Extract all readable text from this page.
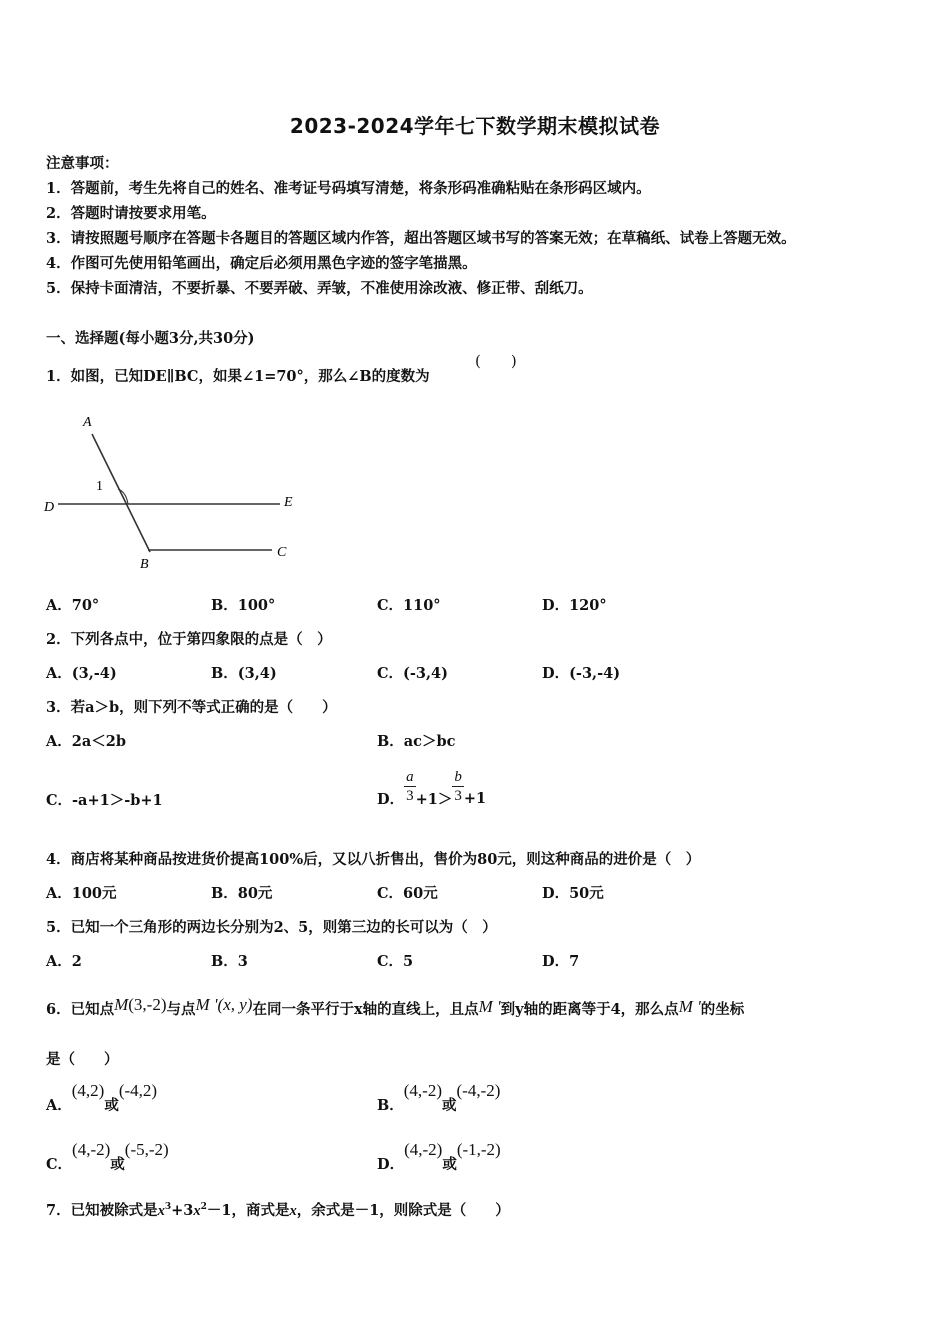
2023-2024学年七下数学期末模拟试卷
注意事项：
1．答题前，考生先将自己的姓名、准考证号码填写清楚，将条形码准确粘贴在条形码区域内。
2．答题时请按要求用笔。
3．请按照题号顺序在答题卡各题目的答题区域内作答，超出答题区域书写的答案无效；在草稿纸、试卷上答题无效。
4．作图可先使用铅笔画出，确定后必须用黑色字迹的签字笔描黑。
5．保持卡面清洁，不要折暴、不要弄破、弄皱，不准使用涂改液、修正带、刮纸刀。
一、选择题(每小题3分,共30分)
1．如图，已知DE∥BC，如果∠1=70°，那么∠B的度数为
(　　)
A
1
D	E
B
C
A．70°	B．100°	C．110°	D．120°
2．下列各点中，位于第四象限的点是（　）
A．(3,-4)	B．(3,4)	C．(-3,4)	D．(-3,-4)
3．若a＞b，则下列不等式正确的是（　　）
A．2a＜2b	B．ac＞bc
C．-a+1＞-b+1	D． $\frac{a}{3} +1> \frac{b}{3} +1$
4．商店将某种商品按进货价提高100%后，又以八折售出，售价为80元，则这种商品的进价是（　）
A．100元	B．80元	C．60元	D．50元
5．已知一个三角形的两边长分别为2、5，则第三边的长可以为（　）
A．2	B．3	C．5	D．7
6．已知点M(3,-2)与点M '(x, y)在同一条平行于x轴的直线上，且点M '到y轴的距离等于4，那么点M '的坐标
是（　　）
A．(4,2)或(-4,2)
B．(4,-2)或(-4,-2)
C．(4,-2)或(-5,-2)
D．(4,-2)或(-1,-2)
7．已知被除式是$x^3+3x^2-1$，商式是x，余式是－1，则除式是（　　）
